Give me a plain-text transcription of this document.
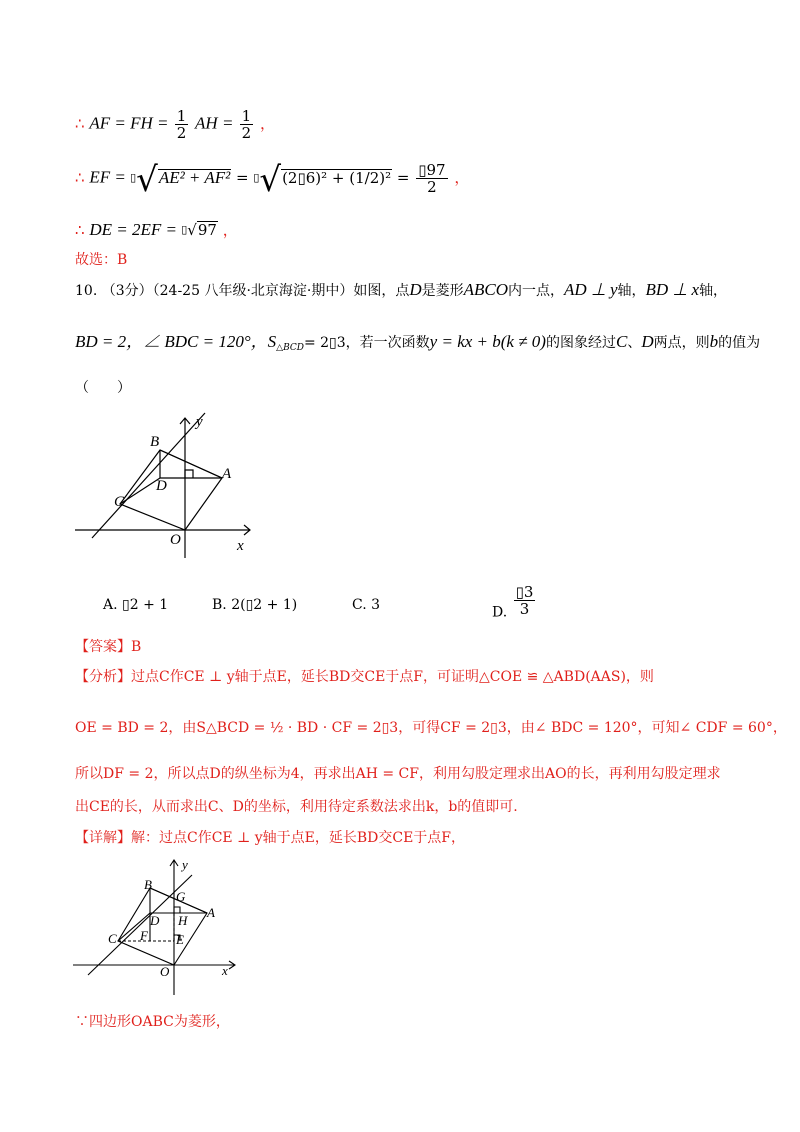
∴ AF = FH = $\frac{1}{2}$ AH = $\frac{1}{2}$ ，
∴ EF = ▯√AE² + AF² = ▯√(2▯6)² + $(1/2)^2 = \frac{▯97}{2}$ ，
∴ DE = 2EF = ▯√97 ，
故选：B
10. （3分）（24-25 八年级·北京海淀·期中）如图，点D是菱形ABCO内一点，AD ⊥ y轴，BD ⊥ x轴，
BD = 2，∠ BDC = 120°，$S_{\triangle BCD}=$ 2▯3，若一次函数y = kx + b(k ≠ 0)的图象经过C、D两点，则b的值为
（　　）
B
D
A
C
O	x
y
A. ▯2 + 1	B. 2(▯2 + 1)	C. 3	D. $\frac{▯3}{3}$
【答案】B
【分析】过点C作CE ⊥ y轴于点E，延长BD交CE于点F，可证明△COE ≌ △ABD(AAS)，则
OE = BD = 2，由S△BCD = ½ · BD · CF = 2▯3，可得CF = 2▯3，由∠ BDC = 120°，可知∠ CDF = 60°，
所以DF = 2，所以点D的纵坐标为4，再求出AH = CF，利用勾股定理求出AO的长，再利用勾股定理求
出CE的长，从而求出C、D的坐标，利用待定系数法求出k，b的值即可.
【详解】解：过点C作CE ⊥ y轴于点E，延长BD交CE于点F，
B
G
D H
A
C F E
O	x
y
∵四边形OABC为菱形，
